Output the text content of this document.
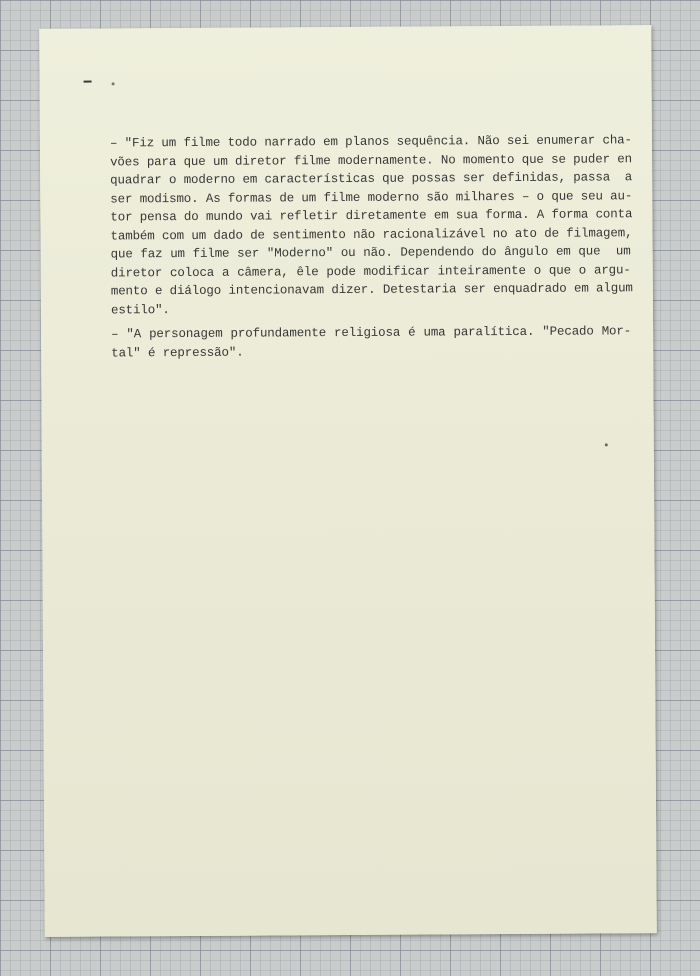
– "Fiz um filme todo narrado em planos sequência. Não sei enumerar cha-
vões para que um diretor filme modernamente. No momento que se puder en
quadrar o moderno em características que possas ser definidas, passa  a
ser modismo. As formas de um filme moderno são milhares – o que seu au-
tor pensa do mundo vai refletir diretamente em sua forma. A forma conta
também com um dado de sentimento não racionalizável no ato de filmagem,
que faz um filme ser "Moderno" ou não. Dependendo do ângulo em que  um
diretor coloca a câmera, êle pode modificar inteiramente o que o argu-
mento e diálogo intencionavam dizer. Detestaria ser enquadrado em algum
estilo".
– "A personagem profundamente religiosa é uma paralítica. "Pecado Mor-
tal" é repressão".
